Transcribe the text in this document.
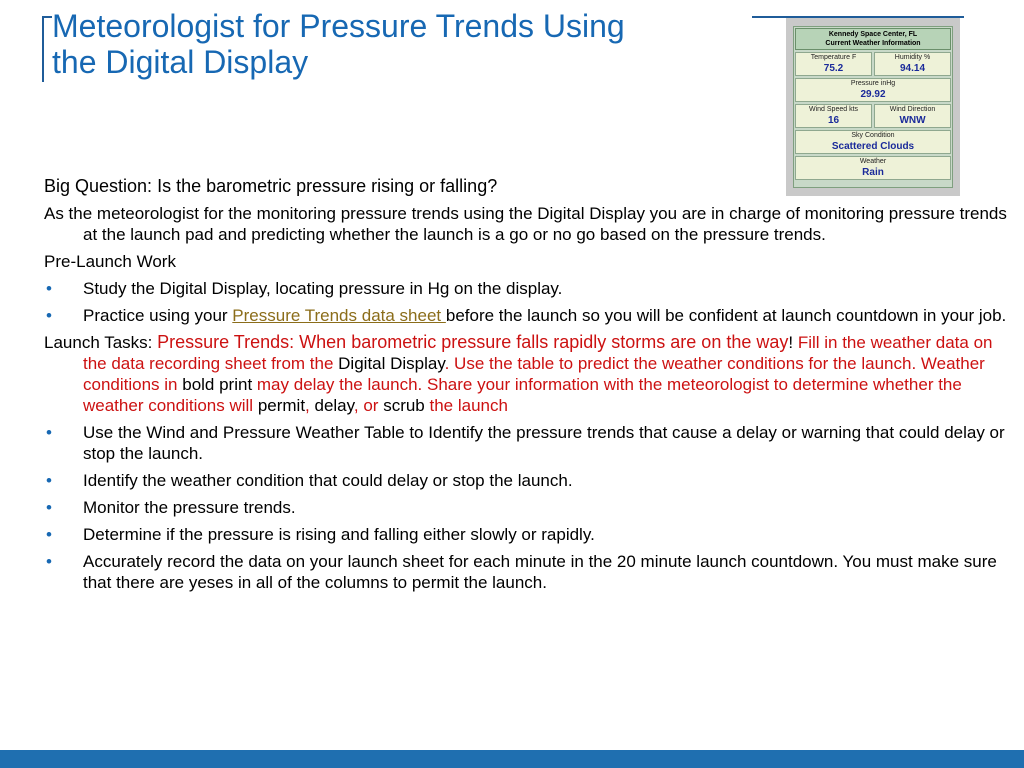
Meteorologist for Pressure Trends Using
the Digital Display
Kennedy Space Center, FL
Current Weather Information
Temperature F
75.2
Humidity %
94.14
Pressure inHg
29.92
Wind Speed kts
16
Wind Direction
WNW
Sky Condition
Scattered Clouds
Weather
Rain

Big Question: Is the barometric pressure rising or falling?

As the meteorologist for the monitoring pressure trends using the Digital Display you are in charge of monitoring pressure trends at the launch pad and predicting whether the launch is a go or no go based on the pressure trends.

Pre-Launch Work

• Study the Digital Display, locating pressure in Hg on the display.
• Practice using your Pressure Trends data sheet before the launch so you will be confident at launch countdown in your job.

Launch Tasks: Pressure Trends: When barometric pressure falls rapidly storms are on the way! Fill in the weather data on the data recording sheet from the Digital Display. Use the table to predict the weather conditions for the launch. Weather conditions in bold print may delay the launch. Share your information with the meteorologist to determine whether the weather conditions will permit, delay, or scrub the launch

• Use the Wind and Pressure Weather Table to Identify the pressure trends that cause a delay or warning that could delay or stop the launch.
• Identify the weather condition that could delay or stop the launch.
• Monitor the pressure trends.
• Determine if the pressure is rising and falling either slowly or rapidly.
• Accurately record the data on your launch sheet for each minute in the 20 minute launch countdown. You must make sure that there are yeses in all of the columns to permit the launch.
